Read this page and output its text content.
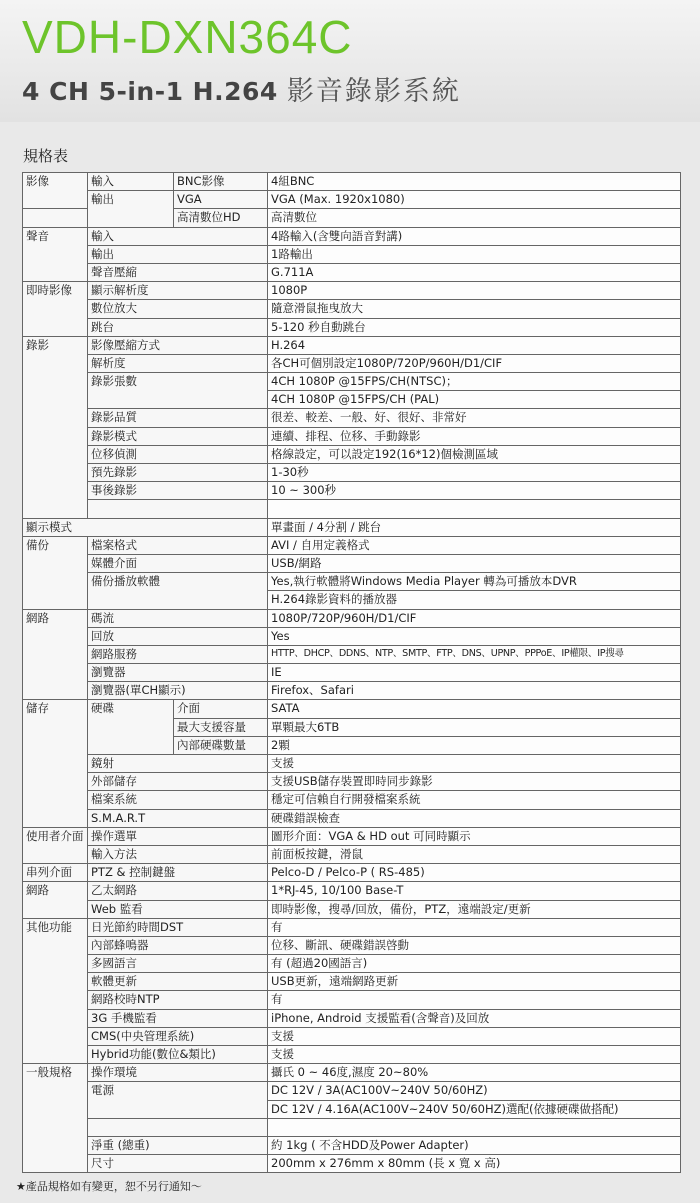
VDH-DXN364C
4 CH 5-in-1 H.264 影音錄影系統
規格表
影像	輸入	BNC影像	4組BNC
	輸出	VGA	VGA (Max. 1920x1080)
		高清數位HD	高清數位
聲音	輸入		4路輸入(含雙向語音對講)
	輸出		1路輸出
	聲音壓縮		G.711A
即時影像	顯示解析度		1080P
	數位放大		隨意滑鼠拖曳放大
	跳台		5-120 秒自動跳台
錄影	影像壓縮方式		H.264
	解析度		各CH可個別設定1080P/720P/960H/D1/CIF
	錄影張數		4CH 1080P @15FPS/CH(NTSC)；
			4CH 1080P @15FPS/CH (PAL)
	錄影品質		很差、較差、一般、好、很好、非常好
	錄影模式		連續、排程、位移、手動錄影
	位移偵測		格線設定，可以設定192(16*12)個檢測區域
	預先錄影		1-30秒
	事後錄影		10 ~ 300秒

顯示模式			單畫面 / 4分割 / 跳台
備份	檔案格式		AVI / 自用定義格式
	媒體介面		USB/網路
	備份播放軟體		Yes,執行軟體將Windows Media Player 轉為可播放本DVR
			H.264錄影資料的播放器
網路	碼流		1080P/720P/960H/D1/CIF
	回放		Yes
	網路服務		HTTP、DHCP、DDNS、NTP、SMTP、FTP、DNS、UPNP、PPPoE、IP權限、IP搜尋
	瀏覽器		IE
	瀏覽器(單CH顯示)		Firefox、Safari
儲存	硬碟	介面	SATA
		最大支援容量	單顆最大6TB
		內部硬碟數量	2顆
	鏡射		支援
	外部儲存		支援USB儲存裝置即時同步錄影
	檔案系統		穩定可信賴自行開發檔案系統
	S.M.A.R.T		硬碟錯誤檢查
使用者介面	操作選單		圖形介面：VGA & HD out 可同時顯示
	輸入方法		前面板按鍵，滑鼠
串列介面	PTZ & 控制鍵盤		Pelco-D / Pelco-P ( RS-485)
網路	乙太網路		1*RJ-45, 10/100 Base-T
	Web 監看		即時影像，搜尋/回放，備份，PTZ，遠端設定/更新
其他功能	日光節約時間DST		有
	內部蜂鳴器		位移、斷訊、硬碟錯誤啓動
	多國語言		有 (超過20國語言)
	軟體更新		USB更新，遠端網路更新
	網路校時NTP		有
	3G 手機監看		iPhone, Android 支援監看(含聲音)及回放
	CMS(中央管理系統)		支援
	Hybrid功能(數位&類比)		支援
一般規格	操作環境		攝氏 0 ~ 46度,濕度 20~80%
	電源		DC 12V / 3A(AC100V~240V 50/60HZ)
			DC 12V / 4.16A(AC100V~240V 50/60HZ)選配(依據硬碟做搭配)

	淨重 (總重)		約 1kg ( 不含HDD及Power Adapter)
	尺寸		200mm x 276mm x 80mm (長 x 寬 x 高)
★產品規格如有變更，恕不另行通知～
